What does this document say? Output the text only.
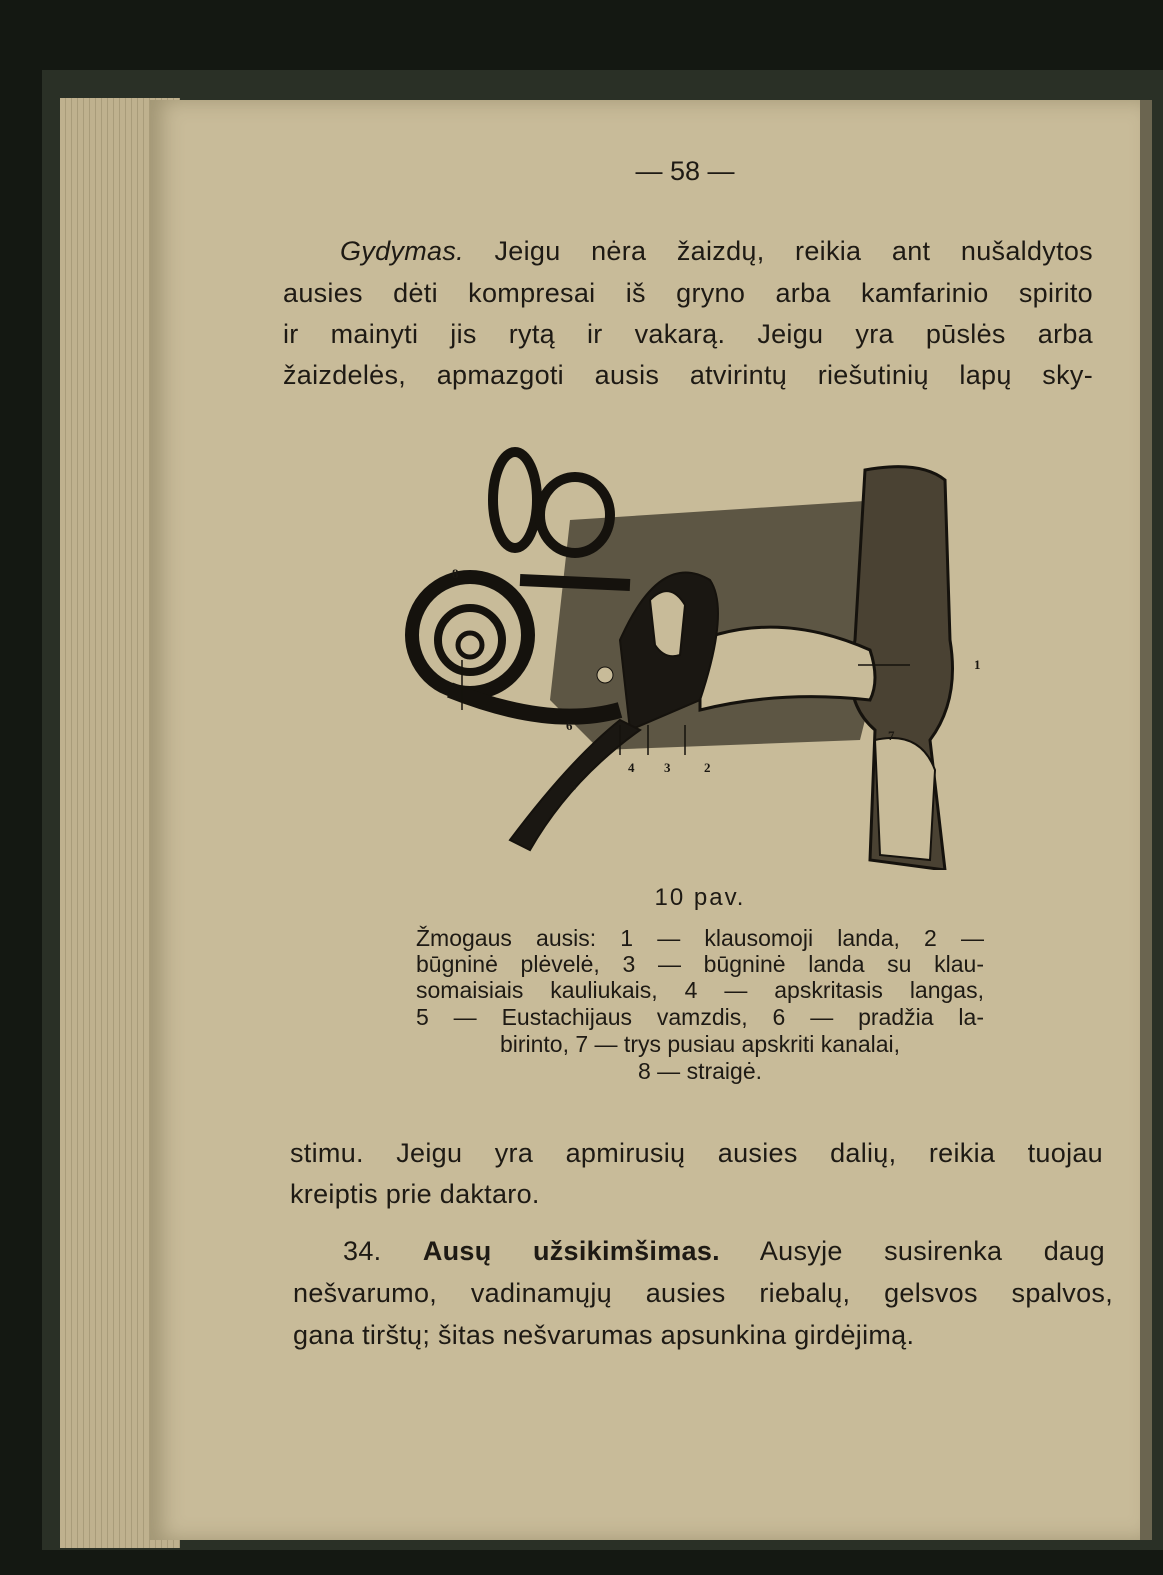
— 58 —
Gydymas. Jeigu nėra žaizdų, reikia ant nušaldytos
ausies dėti kompresai iš gryno arba kamfarinio spirito
ir mainyti jis rytą ir vakarą. Jeigu yra pūslės arba
žaizdelės, apmazgoti ausis atvirintų riešutinių lapų sky-
8
6
5
4 3	2
1
7
10 pav.
Žmogaus ausis: 1 — klausomoji landa, 2 —
būgninė plėvelė, 3 — būgninė landa su klau-
somaisiais kauliukais, 4 — apskritasis langas,
5 — Eustachijaus vamzdis, 6 — pradžia la-
birinto, 7 — trys pusiau apskriti kanalai,
8 — straigė.
stimu. Jeigu yra apmirusių ausies dalių, reikia tuojau
kreiptis prie daktaro.
34. Ausų užsikimšimas. Ausyje susirenka daug
nešvarumo, vadinamųjų ausies riebalų, gelsvos spalvos,
gana tirštų; šitas nešvarumas apsunkina girdėjimą.
